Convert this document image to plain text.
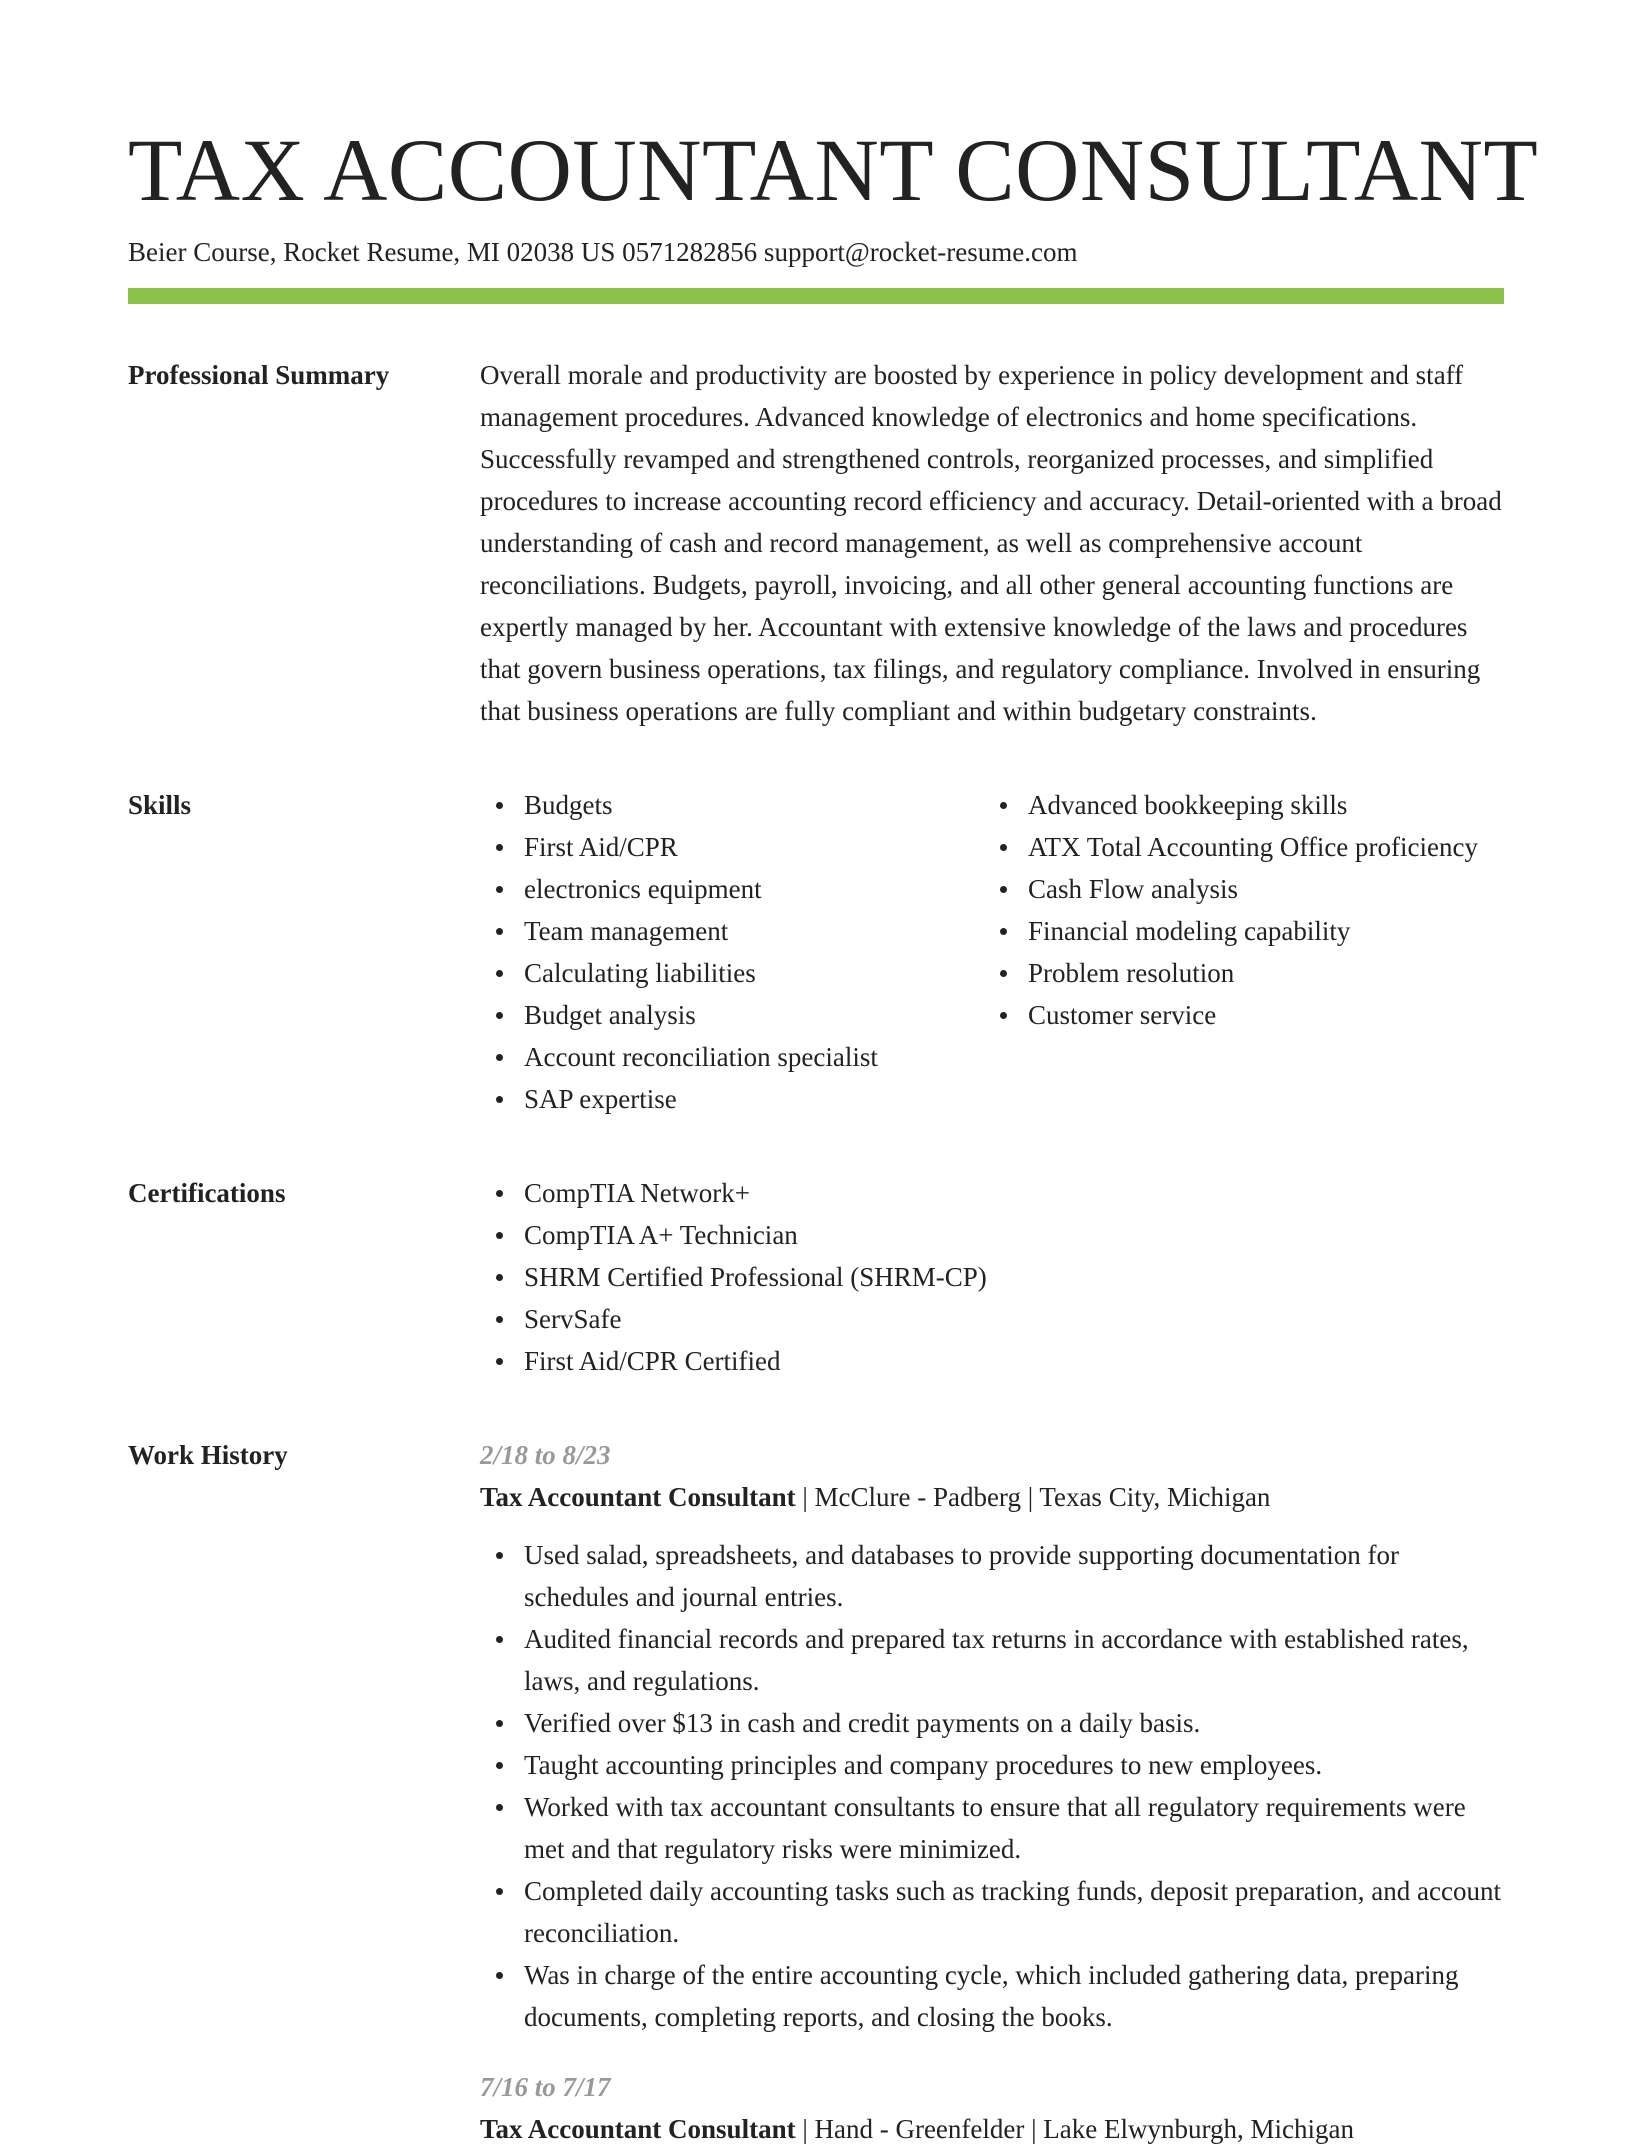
TAX ACCOUNTANT CONSULTANT
Beier Course, Rocket Resume, MI 02038 US 0571282856 support@rocket-resume.com
Professional Summary	Overall morale and productivity are boosted by experience in policy development and staff management procedures. Advanced knowledge of electronics and home specifications. Successfully revamped and strengthened controls, reorganized processes, and simplified procedures to increase accounting record efficiency and accuracy. Detail-oriented with a broad understanding of cash and record management, as well as comprehensive account reconciliations. Budgets, payroll, invoicing, and all other general accounting functions are expertly managed by her. Accountant with extensive knowledge of the laws and procedures that govern business operations, tax filings, and regulatory compliance. Involved in ensuring that business operations are fully compliant and within budgetary constraints.

Skills	Budgets
First Aid/CPR
electronics equipment
Team management
Calculating liabilities
Budget analysis
Account reconciliation specialist
SAP expertise
Advanced bookkeeping skills
ATX Total Accounting Office proficiency
Cash Flow analysis
Financial modeling capability
Problem resolution
Customer service
Certifications	CompTIA Network+
CompTIA A+ Technician
SHRM Certified Professional (SHRM-CP)
ServSafe
First Aid/CPR Certified
Work History	2/18 to 8/23
Tax Accountant Consultant | McClure - Padberg | Texas City, Michigan
Used salad, spreadsheets, and databases to provide supporting documentation for schedules and journal entries.
Audited financial records and prepared tax returns in accordance with established rates, laws, and regulations.
Verified over $13 in cash and credit payments on a daily basis.
Taught accounting principles and company procedures to new employees.
Worked with tax accountant consultants to ensure that all regulatory requirements were met and that regulatory risks were minimized.
Completed daily accounting tasks such as tracking funds, deposit preparation, and account reconciliation.
Was in charge of the entire accounting cycle, which included gathering data, preparing documents, completing reports, and closing the books.
7/16 to 7/17
Tax Accountant Consultant | Hand - Greenfelder | Lake Elwynburgh, Michigan
